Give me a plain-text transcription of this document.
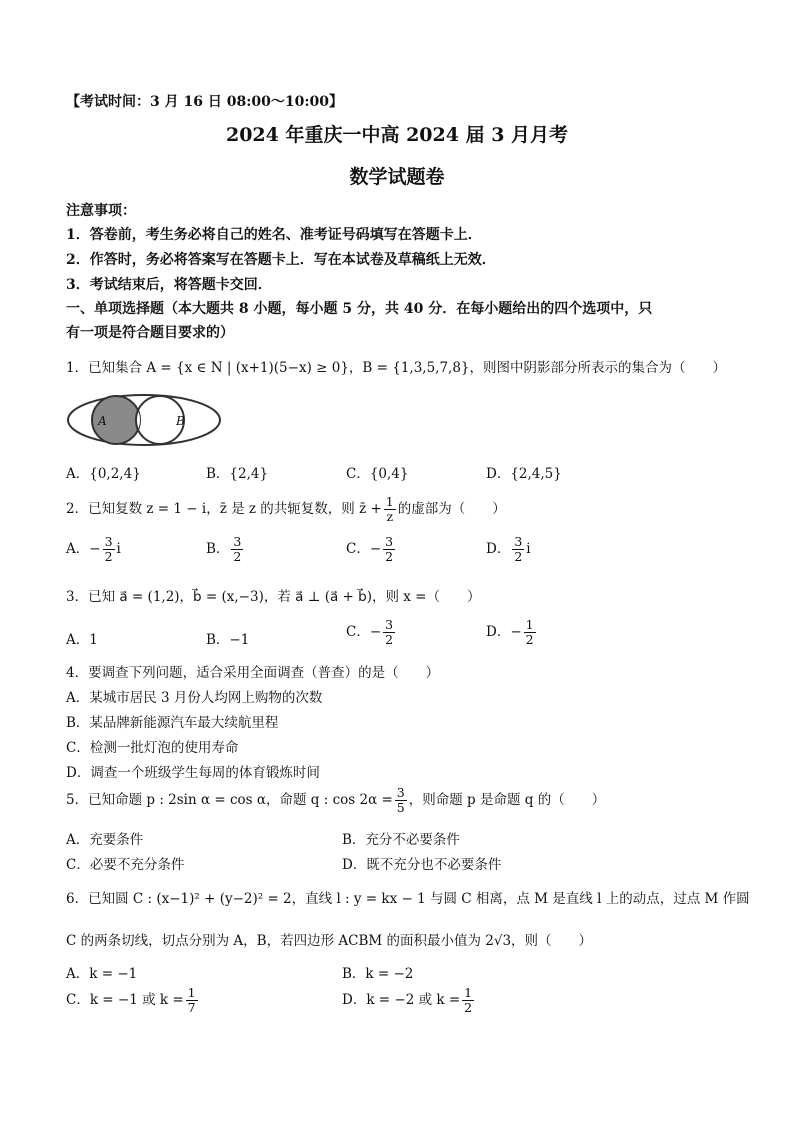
【考试时间：3 月 16 日 08:00～10:00】
2024 年重庆一中高 2024 届 3 月月考
数学试题卷
注意事项：
1．答卷前，考生务必将自己的姓名、准考证号码填写在答题卡上．
2．作答时，务必将答案写在答题卡上．写在本试卷及草稿纸上无效．
3．考试结束后，将答题卡交回．
一、单项选择题（本大题共 8 小题，每小题 5 分，共 40 分．在每小题给出的四个选项中，只
有一项是符合题目要求的）
1．已知集合 A = {x ∈ N | (x+1)(5−x) ≥ 0}，B = {1,3,5,7,8}，则图中阴影部分所表示的集合为（　　）
A	B
A．{0,2,4}	B．{2,4}	C．{0,4}	D．{2,4,5}
2．已知复数 z = 1 − i，z̄ 是 z 的共轭复数，则 z̄ + $\frac{1}{z}$ 的虚部为（　　）
A．− $\frac{3}{2}$ i	B． $\frac{3}{2}$	C．− $\frac{3}{2}$	D． $\frac{3}{2}$ i
3．已知 a⃗ = (1,2)，b⃗ = (x,−3)，若 a⃗ ⊥ (a⃗ + b⃗)，则 x =（　　）
A．1	B．−1	C．− $\frac{3}{2}$	D．− $\frac{1}{2}$
4．要调查下列问题，适合采用全面调查（普查）的是（　　）
A．某城市居民 3 月份人均网上购物的次数
B．某品牌新能源汽车最大续航里程
C．检测一批灯泡的使用寿命
D．调查一个班级学生每周的体育锻炼时间
5．已知命题 p : 2sin α = cos α，命题 q : $\cos 2\alpha = \frac{3}{5}$ ，则命题 p 是命题 q 的（　　）
A．充要条件	B．充分不必要条件
C．必要不充分条件	D．既不充分也不必要条件
6．已知圆 C : (x−1)² + (y−2)² = 2，直线 l : y = kx − 1 与圆 C 相离，点 M 是直线 l 上的动点，过点 M 作圆
C 的两条切线，切点分别为 A，B，若四边形 ACBM 的面积最小值为 2√3，则（　　）
A．k = −1	B．k = −2
C．k = −1 或 $k = \frac{1}{7}$	D．k = −2 或 $k = \frac{1}{2}$
